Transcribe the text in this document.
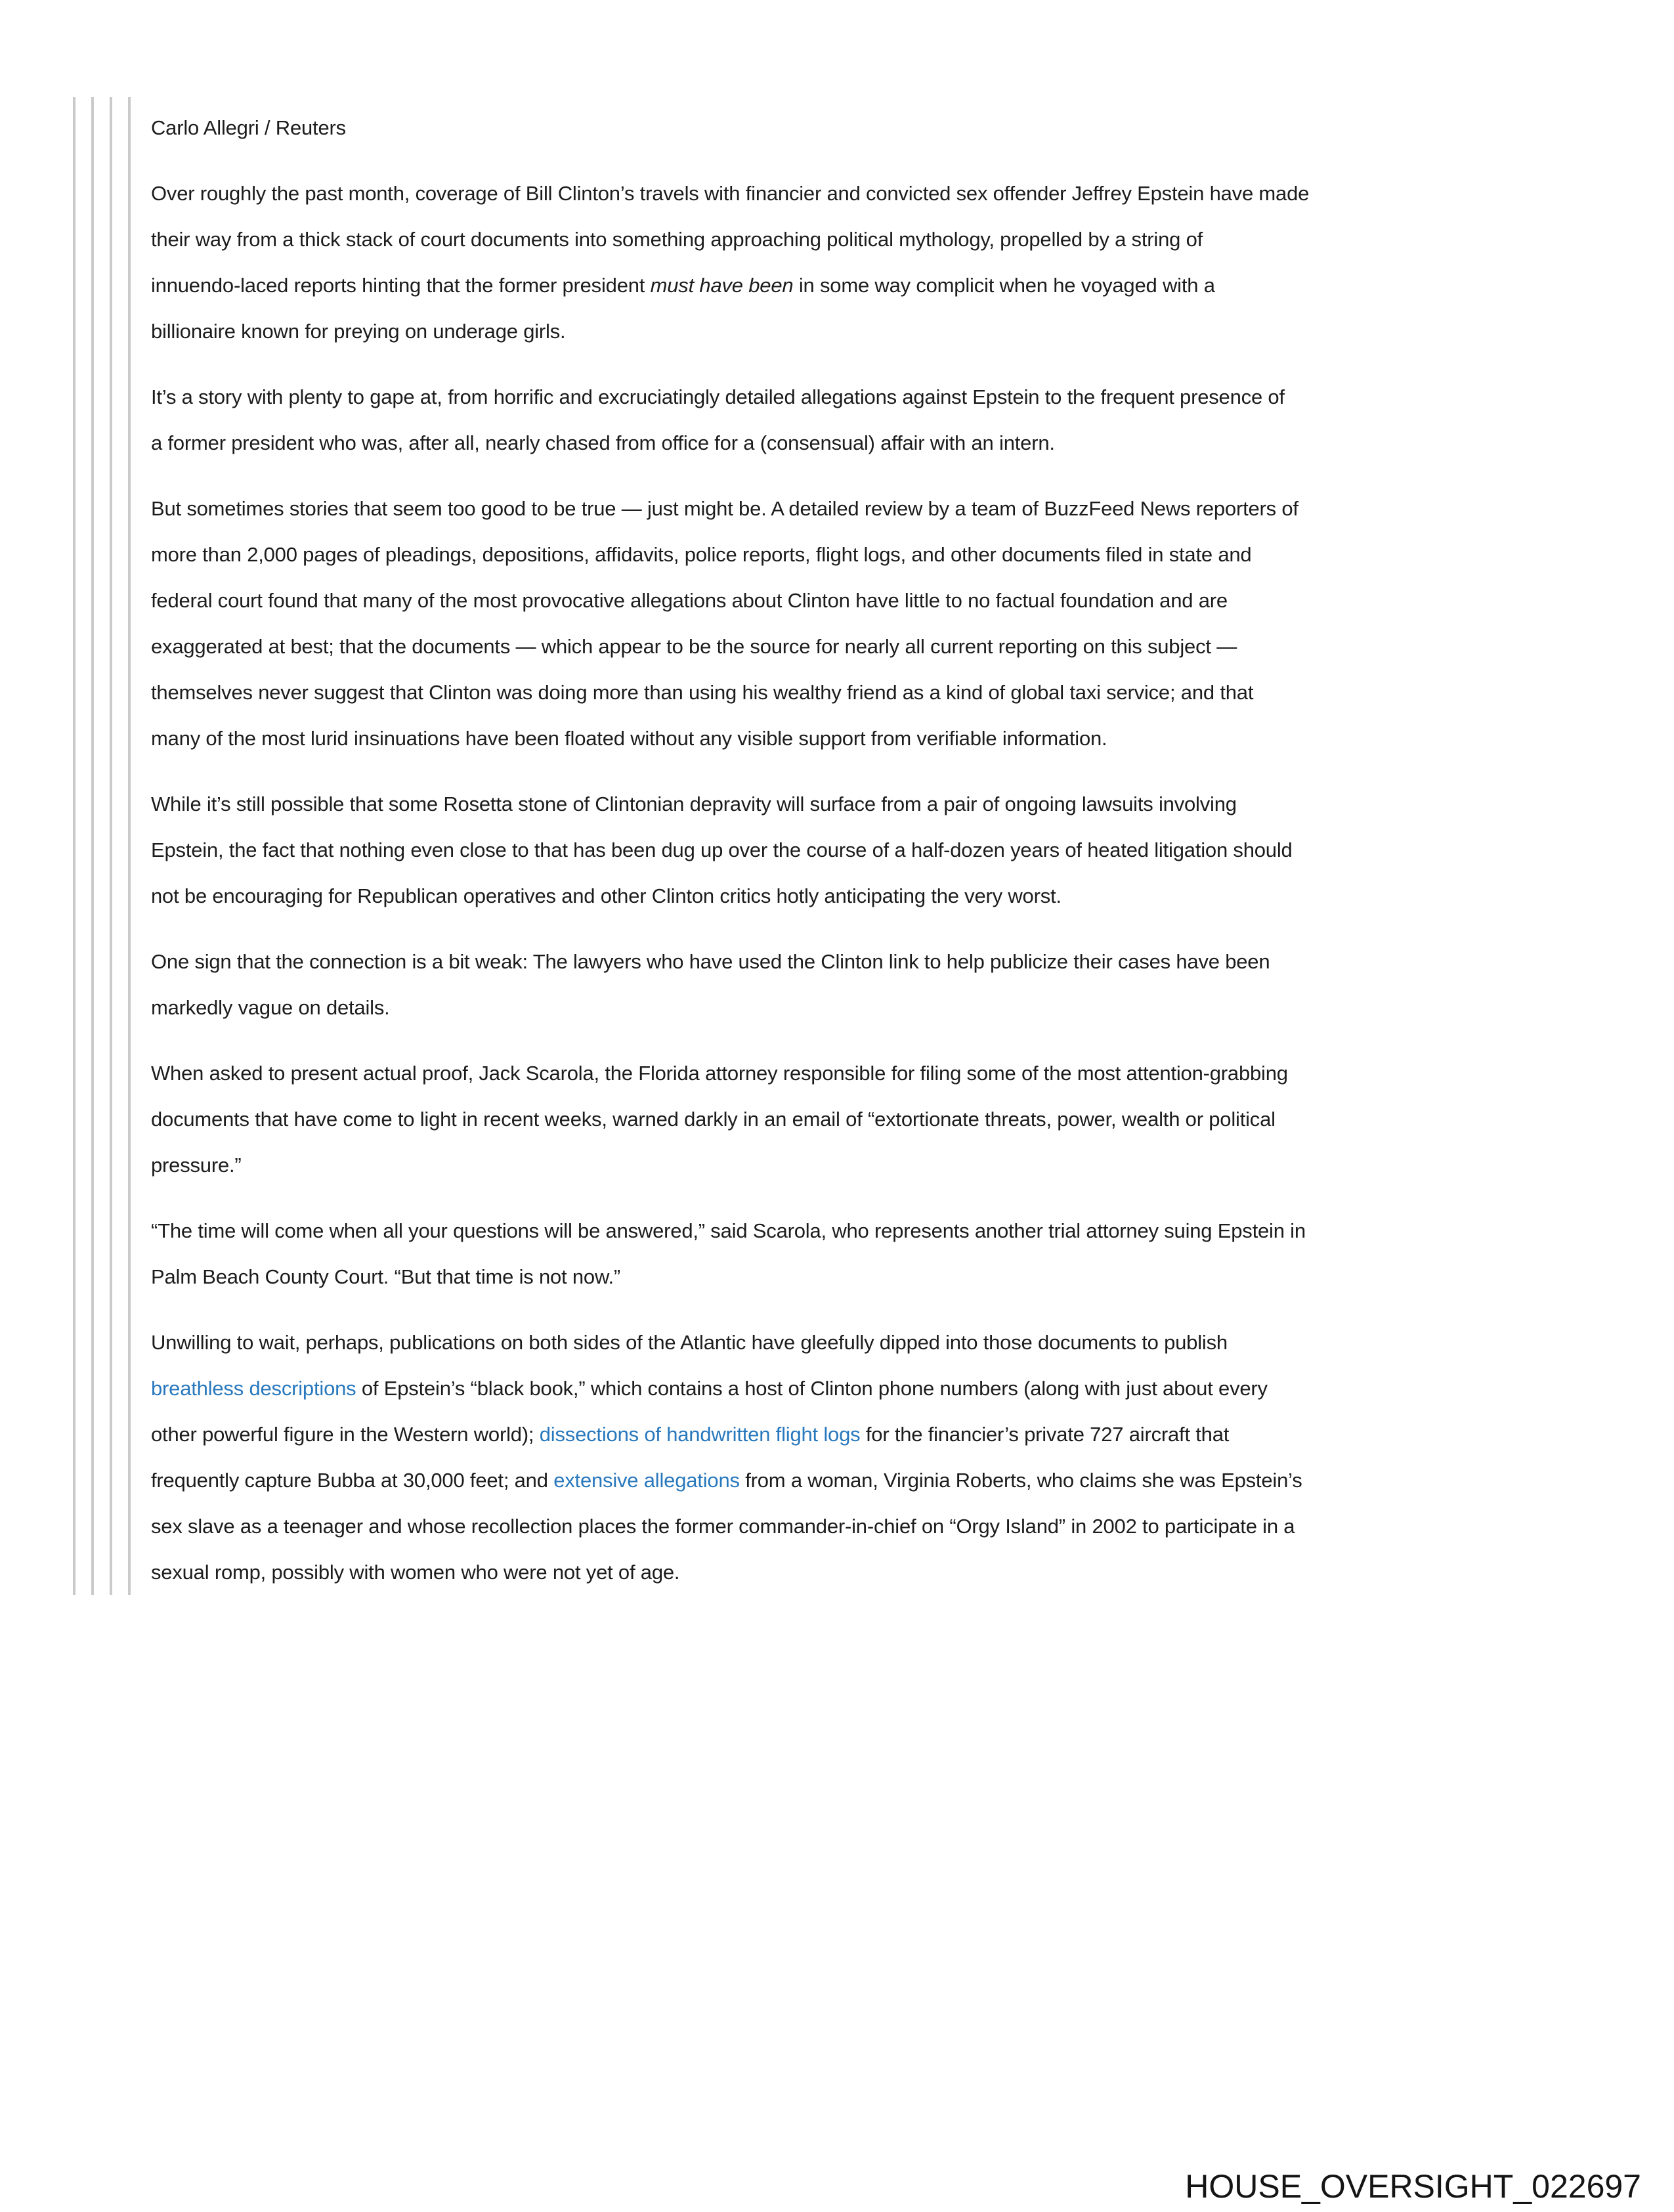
Carlo Allegri / Reuters

Over roughly the past month, coverage of Bill Clinton’s travels with financier and convicted sex offender Jeffrey Epstein have made
their way from a thick stack of court documents into something approaching political mythology, propelled by a string of
innuendo-laced reports hinting that the former president must have been in some way complicit when he voyaged with a
billionaire known for preying on underage girls.

It’s a story with plenty to gape at, from horrific and excruciatingly detailed allegations against Epstein to the frequent presence of
a former president who was, after all, nearly chased from office for a (consensual) affair with an intern.

But sometimes stories that seem too good to be true — just might be. A detailed review by a team of BuzzFeed News reporters of
more than 2,000 pages of pleadings, depositions, affidavits, police reports, flight logs, and other documents filed in state and
federal court found that many of the most provocative allegations about Clinton have little to no factual foundation and are
exaggerated at best; that the documents — which appear to be the source for nearly all current reporting on this subject —
themselves never suggest that Clinton was doing more than using his wealthy friend as a kind of global taxi service; and that
many of the most lurid insinuations have been floated without any visible support from verifiable information.

While it’s still possible that some Rosetta stone of Clintonian depravity will surface from a pair of ongoing lawsuits involving
Epstein, the fact that nothing even close to that has been dug up over the course of a half-dozen years of heated litigation should
not be encouraging for Republican operatives and other Clinton critics hotly anticipating the very worst.

One sign that the connection is a bit weak: The lawyers who have used the Clinton link to help publicize their cases have been
markedly vague on details.

When asked to present actual proof, Jack Scarola, the Florida attorney responsible for filing some of the most attention-grabbing
documents that have come to light in recent weeks, warned darkly in an email of “extortionate threats, power, wealth or political
pressure.”

“The time will come when all your questions will be answered,” said Scarola, who represents another trial attorney suing Epstein in
Palm Beach County Court. “But that time is not now.”

Unwilling to wait, perhaps, publications on both sides of the Atlantic have gleefully dipped into those documents to publish
breathless descriptions of Epstein’s “black book,” which contains a host of Clinton phone numbers (along with just about every
other powerful figure in the Western world); dissections of handwritten flight logs for the financier’s private 727 aircraft that
frequently capture Bubba at 30,000 feet; and extensive allegations from a woman, Virginia Roberts, who claims she was Epstein’s
sex slave as a teenager and whose recollection places the former commander-in-chief on “Orgy Island” in 2002 to participate in a
sexual romp, possibly with women who were not yet of age.

HOUSE_OVERSIGHT_022697
